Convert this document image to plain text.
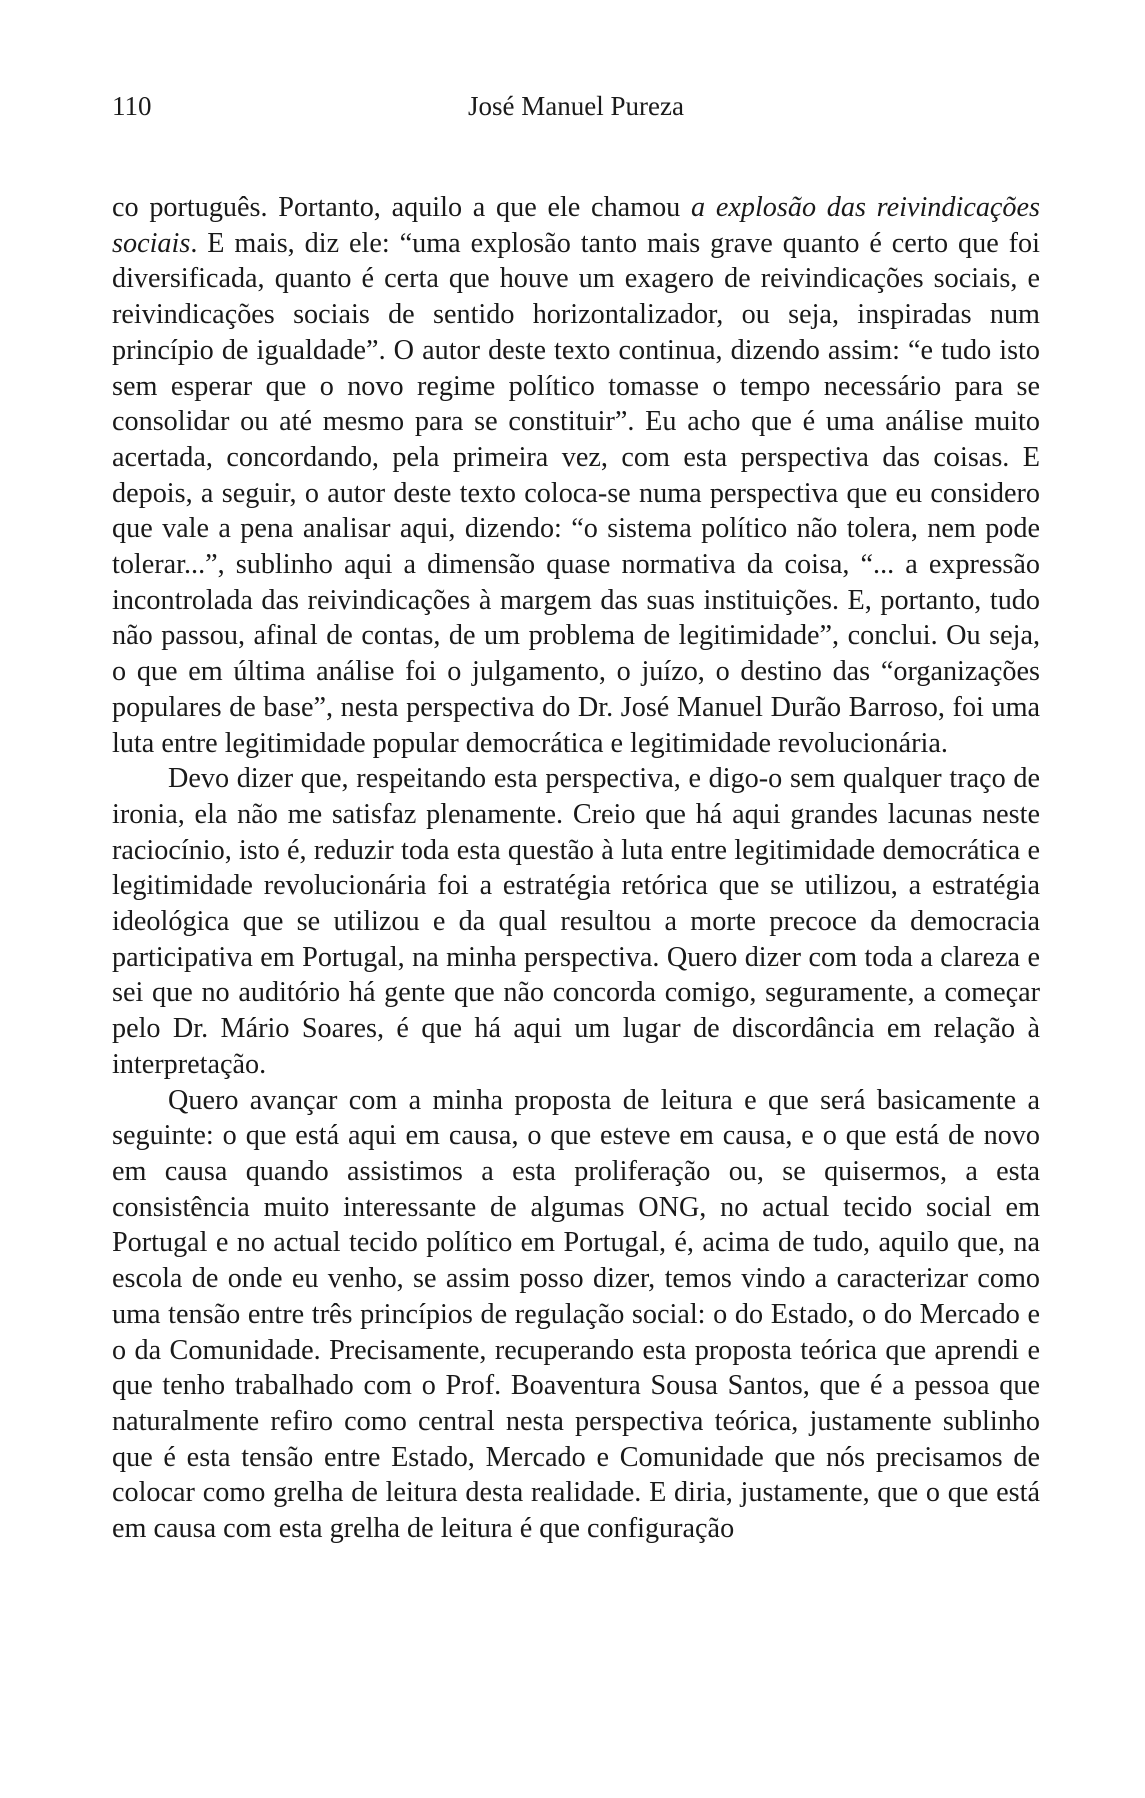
110	José Manuel Pureza

co português. Portanto, aquilo a que ele chamou a explosão das reivindicações sociais. E mais, diz ele: “uma explosão tanto mais grave quanto é certo que foi diversificada, quanto é certa que houve um exagero de reivindicações sociais, e reivindicações sociais de sentido horizontalizador, ou seja, inspiradas num princípio de igualdade”. O autor deste texto continua, dizendo assim: “e tudo isto sem esperar que o novo regime político tomasse o tempo necessário para se consolidar ou até mesmo para se constituir”. Eu acho que é uma análise muito acertada, concordando, pela primeira vez, com esta perspectiva das coisas. E depois, a seguir, o autor deste texto coloca-se numa perspectiva que eu considero que vale a pena analisar aqui, dizendo: “o sistema político não tolera, nem pode tolerar...”, sublinho aqui a dimensão quase normativa da coisa, “... a expressão incontrolada das reivindicações à margem das suas instituições. E, portanto, tudo não passou, afinal de contas, de um problema de legitimidade”, conclui. Ou seja, o que em última análise foi o julgamento, o juízo, o destino das “organizações populares de base”, nesta perspectiva do Dr. José Manuel Durão Barroso, foi uma luta entre legitimidade popular democrática e legitimidade revolucionária.

Devo dizer que, respeitando esta perspectiva, e digo-o sem qualquer traço de ironia, ela não me satisfaz plenamente. Creio que há aqui grandes lacunas neste raciocínio, isto é, reduzir toda esta questão à luta entre legitimidade democrática e legitimidade revolucionária foi a estratégia retórica que se utilizou, a estratégia ideológica que se utilizou e da qual resultou a morte precoce da democracia participativa em Portugal, na minha perspectiva. Quero dizer com toda a clareza e sei que no auditório há gente que não concorda comigo, seguramente, a começar pelo Dr. Mário Soares, é que há aqui um lugar de discordância em relação à interpretação.

Quero avançar com a minha proposta de leitura e que será basicamente a seguinte: o que está aqui em causa, o que esteve em causa, e o que está de novo em causa quando assistimos a esta proliferação ou, se quisermos, a esta consistência muito interessante de algumas ONG, no actual tecido social em Portugal e no actual tecido político em Portugal, é, acima de tudo, aquilo que, na escola de onde eu venho, se assim posso dizer, temos vindo a caracterizar como uma tensão entre três princípios de regulação social: o do Estado, o do Mercado e o da Comunidade. Precisamente, recuperando esta proposta teórica que aprendi e que tenho trabalhado com o Prof. Boaventura Sousa Santos, que é a pessoa que naturalmente refiro como central nesta perspectiva teórica, justamente sublinho que é esta tensão entre Estado, Mercado e Comunidade que nós precisamos de colocar como grelha de leitura desta realidade. E diria, justamente, que o que está em causa com esta grelha de leitura é que configuração
